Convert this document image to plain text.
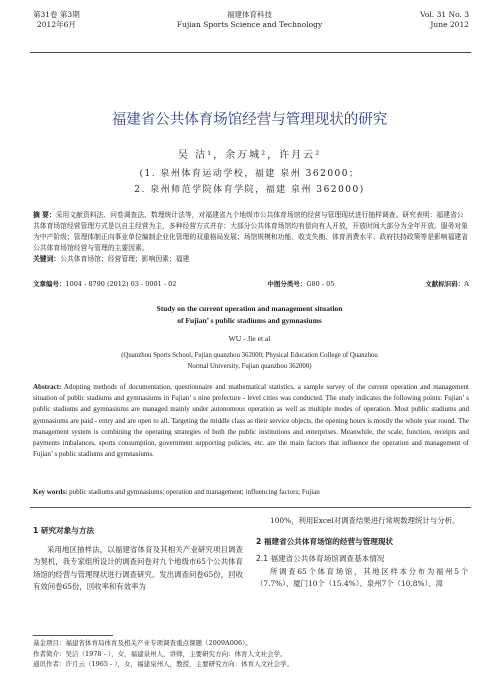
第31卷 第3期
2012年6月
福建体育科技
Fujian Sports Science and Technology
Vol. 31 No. 3
June 2012
福建省公共体育场馆经营与管理现状的研究
吴 洁¹，余万城²，许月云²
(1. 泉州体育运动学校，福建 泉州 362000；
2. 泉州师范学院体育学院，福建 泉州 362000)
摘 要：采用文献资料法、问卷调查法、数理统计法等，对福建省九个地级市公共体育场馆的经营与管理现状进行抽样调查。研究表明：福建省公共体育场馆经营管理方式是以自主经营为主，多种经营方式并存；大部分公共体育场馆均有偿向有人开放，开放时间大部分为全年开放。服务对象为中产阶级；管理体制正向事业单位编制企业化管理的双重格局发展；场馆规模和功能、收支失衡、体育消费水平、政府扶持政策等是影响福建省公共体育场馆经营与管理的主要因素。
关键词：公共体育场馆；经营管理；影响因素；福建
文章编号：1004 - 8790 (2012) 03 - 0001 - 02	中图分类号：G80 - 05	文献标识码：A
Study on the current operation and management situation
of Fujian’ s public stadiums and gymnasiums
WU - Jie et al
(Quanzhou Sports School, Fujian quanzhou 362000; Physical Education College of Quanzhou
Normal University, Fujian quanzhou 362000)
Abstract: Adopting methods of documentation, questionnaire and mathematical statistics, a sample survey of the current operation and management situation of public stadiums and gymnasiums in Fujian’ s nine prefecture - level cities was conducted. The study indicates the following points: Fujian’ s public stadiums and gymnasiums are managed mainly under autonomous operation as well as multiple modes of operation. Most public stadiums and gymnasiums are paid - entry and are open to all. Targeting the middle class as their service objects, the opening hours is mostly the whole year round. The management system is combining the operating strategies of both the public institutions and enterprises. Meanwhile, the scale, function, receipts and payments imbalances, sports consumption, government supporting policies, etc. are the main factors that influence the operation and management of Fujian’ s public stadiums and gymnasiums.
Key words: public stadiums and gymnasiums; operation and management; influencing factors; Fujian
1 研究对象与方法

采用地区抽样法，以福建省体育及其相关产业研究项目调查为契机，我专家组所设计的调查问卷对九个地级市65个公共体育场馆的经营与管理现状进行调查研究。发出调查问卷65份，回收有效问卷65份，回收率和有效率为

100%，利用Excel对调查结果进行常规数理统计与分析。

2 福建省公共体育场馆的经营与管理现状
2.1 福建省公共体育场馆调查基本情况

所调查65个体育场馆，其地区样本分布为福州5个（7.7%）、厦门10个（15.4%）、泉州7个（10.8%）、漳

基金项目：福建省体育局体育及相关产业专项调查重点课题（2009A006）。
作者简介：吴洁（1978 - ），女，福建泉州人，讲师，主要研究方向：体育人文社会学。
通讯作者：许月云（1965 - ），女，福建泉州人，教授，主要研究方向：体育人文社会学。
